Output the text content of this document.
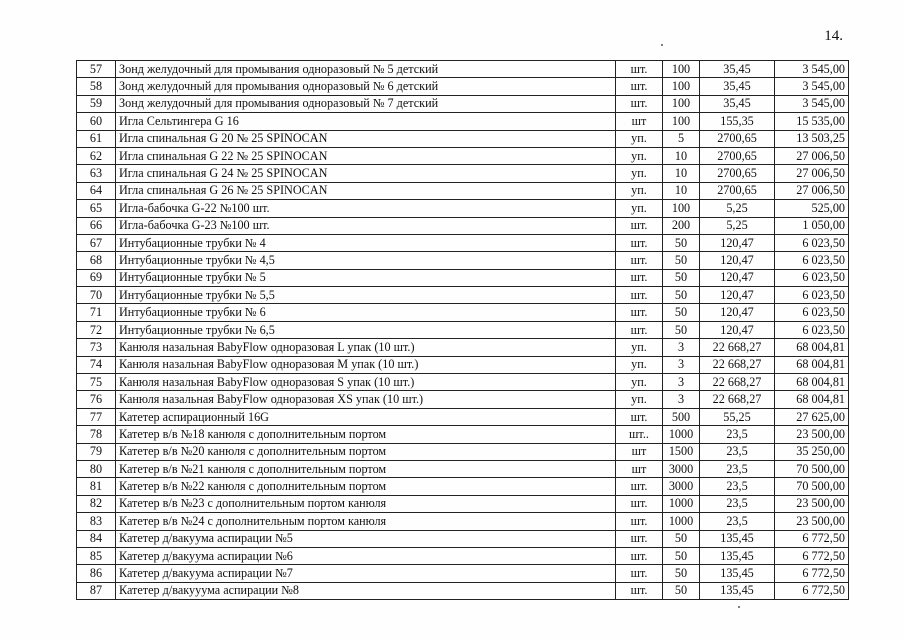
14.
57	Зонд желудочный для промывания одноразовый № 5 детский	шт.	100	35,45	3 545,00
58	Зонд желудочный для промывания одноразовый № 6 детский	шт.	100	35,45	3 545,00
59	Зонд желудочный для промывания одноразовый № 7 детский	шт.	100	35,45	3 545,00
60	Игла Сельтингера G 16	шт	100	155,35	15 535,00
61	Игла спинальная G 20 № 25 SPINOCAN	уп.	5	2700,65	13 503,25
62	Игла спинальная G 22 № 25 SPINOCAN	уп.	10	2700,65	27 006,50
63	Игла спинальная G 24 № 25 SPINOCAN	уп.	10	2700,65	27 006,50
64	Игла спинальная G 26 № 25 SPINOCAN	уп.	10	2700,65	27 006,50
65	Игла-бабочка G-22 №100 шт.	уп.	100	5,25	525,00
66	Игла-бабочка G-23 №100 шт.	шт.	200	5,25	1 050,00
67	Интубационные трубки № 4	шт.	50	120,47	6 023,50
68	Интубационные трубки № 4,5	шт.	50	120,47	6 023,50
69	Интубационные трубки № 5	шт.	50	120,47	6 023,50
70	Интубационные трубки № 5,5	шт.	50	120,47	6 023,50
71	Интубационные трубки № 6	шт.	50	120,47	6 023,50
72	Интубационные трубки № 6,5	шт.	50	120,47	6 023,50
73	Канюля назальная BabyFlow одноразовая L упак (10 шт.)	уп.	3	22 668,27	68 004,81
74	Канюля назальная BabyFlow одноразовая M упак (10 шт.)	уп.	3	22 668,27	68 004,81
75	Канюля назальная BabyFlow одноразовая S упак (10 шт.)	уп.	3	22 668,27	68 004,81
76	Канюля назальная BabyFlow одноразовая XS упак (10 шт.)	уп.	3	22 668,27	68 004,81
77	Катетер аспирационный 16G	шт.	500	55,25	27 625,00
78	Катетер в/в №18 канюля с дополнительным портом	шт..	1000	23,5	23 500,00
79	Катетер в/в №20 канюля с дополнительным портом	шт	1500	23,5	35 250,00
80	Катетер в/в №21 канюля с дополнительным портом	шт	3000	23,5	70 500,00
81	Катетер в/в №22 канюля с дополнительным портом	шт.	3000	23,5	70 500,00
82	Катетер в/в №23 с дополнительным портом канюля	шт.	1000	23,5	23 500,00
83	Катетер в/в №24 с дополнительным портом канюля	шт.	1000	23,5	23 500,00
84	Катетер д/вакуума аспирации №5	шт.	50	135,45	6 772,50
85	Катетер д/вакуума аспирации №6	шт.	50	135,45	6 772,50
86	Катетер д/вакуума аспирации №7	шт.	50	135,45	6 772,50
87	Катетер д/вакууума аспирации №8	шт.	50	135,45	6 772,50
